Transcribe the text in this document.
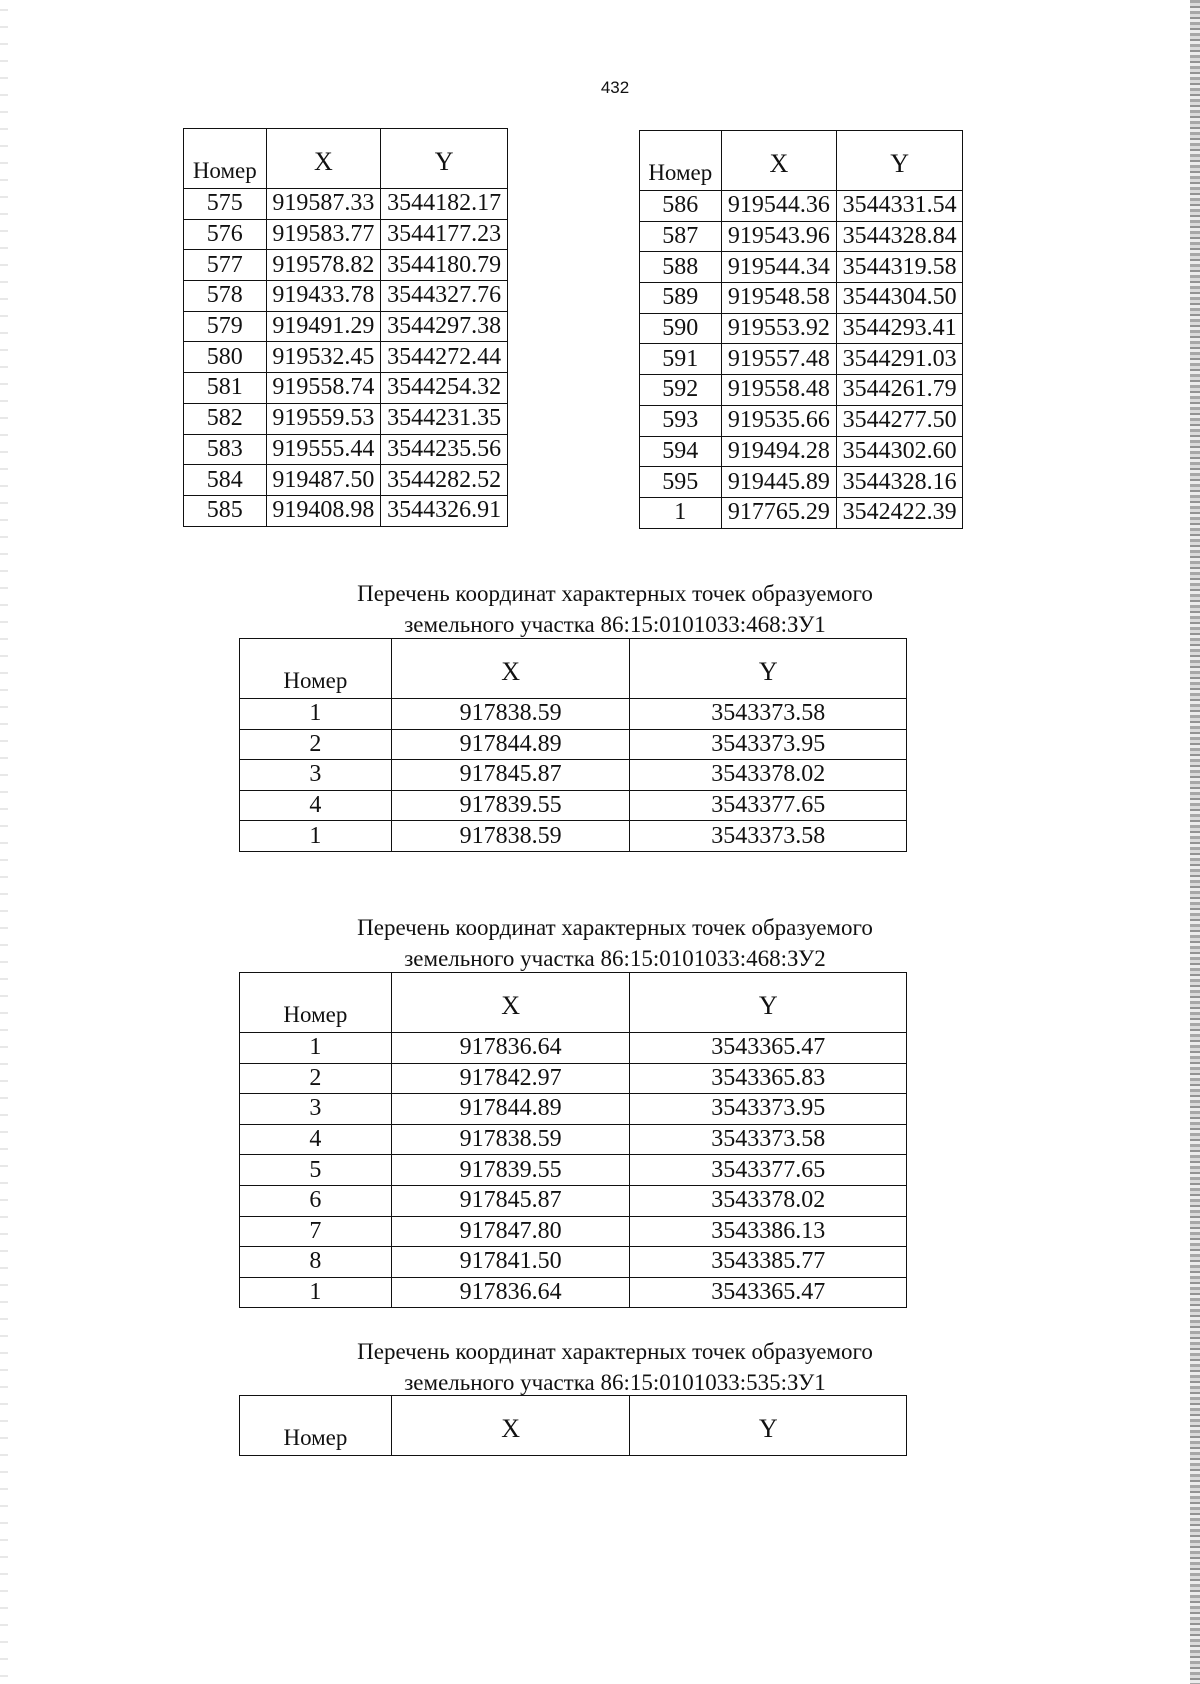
432
Номер	X	Y
575	919587.33	3544182.17
576	919583.77	3544177.23
577	919578.82	3544180.79
578	919433.78	3544327.76
579	919491.29	3544297.38
580	919532.45	3544272.44
581	919558.74	3544254.32
582	919559.53	3544231.35
583	919555.44	3544235.56
584	919487.50	3544282.52
585	919408.98	3544326.91
Номер	X	Y
586	919544.36	3544331.54
587	919543.96	3544328.84
588	919544.34	3544319.58
589	919548.58	3544304.50
590	919553.92	3544293.41
591	919557.48	3544291.03
592	919558.48	3544261.79
593	919535.66	3544277.50
594	919494.28	3544302.60
595	919445.89	3544328.16
1	917765.29	3542422.39
Перечень координат характерных точек образуемого
земельного участка 86:15:0101033:468:ЗУ1
Номер	X	Y
1	917838.59	3543373.58
2	917844.89	3543373.95
3	917845.87	3543378.02
4	917839.55	3543377.65
1	917838.59	3543373.58
Перечень координат характерных точек образуемого
земельного участка 86:15:0101033:468:ЗУ2
Номер	X	Y
1	917836.64	3543365.47
2	917842.97	3543365.83
3	917844.89	3543373.95
4	917838.59	3543373.58
5	917839.55	3543377.65
6	917845.87	3543378.02
7	917847.80	3543386.13
8	917841.50	3543385.77
1	917836.64	3543365.47
Перечень координат характерных точек образуемого
земельного участка 86:15:0101033:535:ЗУ1
Номер	X	Y
